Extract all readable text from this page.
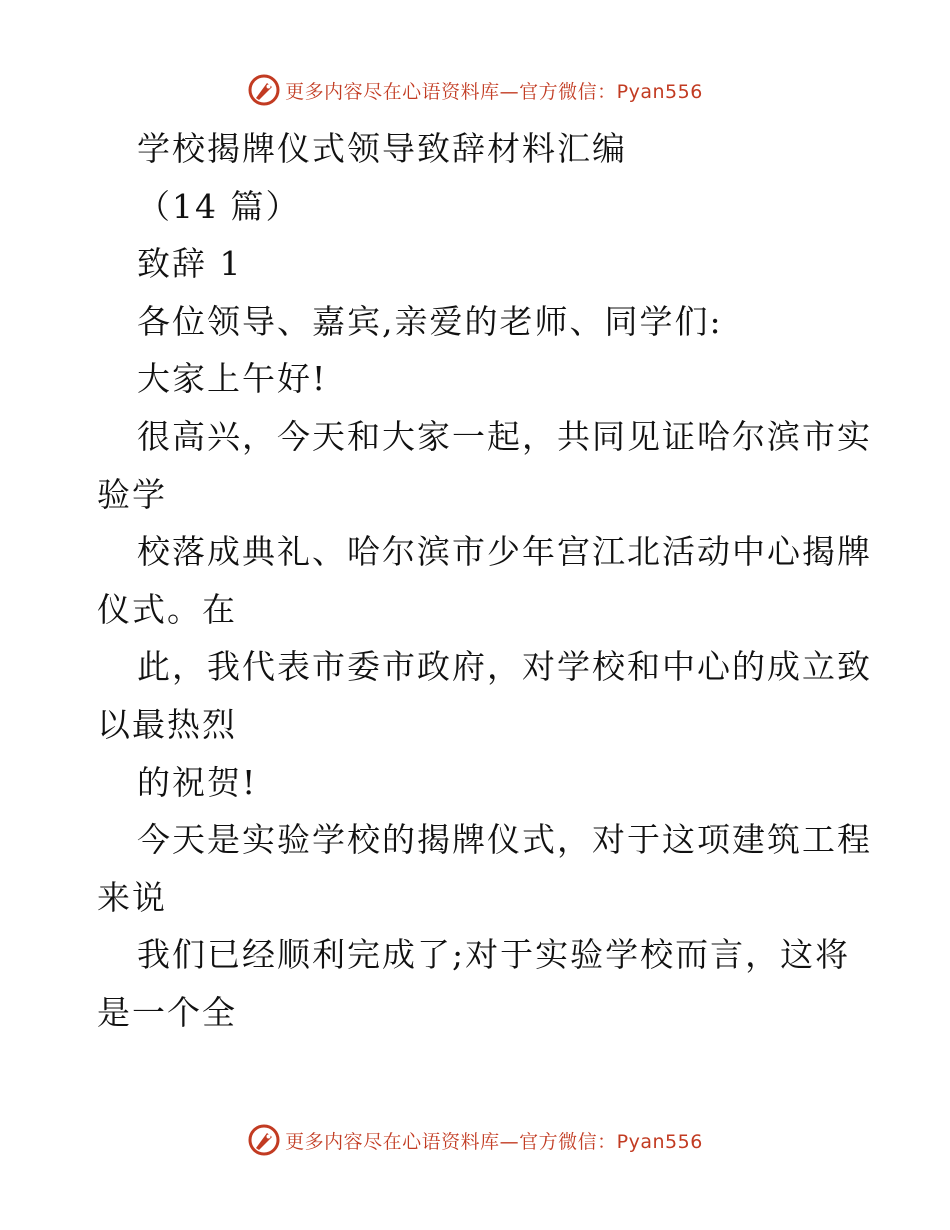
更多内容尽在心语资料库—官方微信：Pyan556

学校揭牌仪式领导致辞材料汇编

（14 篇）

致辞 1

各位领导、嘉宾,亲爱的老师、同学们:

大家上午好!

很高兴，今天和大家一起，共同见证哈尔滨市实

验学

校落成典礼、哈尔滨市少年宫江北活动中心揭牌

仪式。在

此，我代表市委市政府，对学校和中心的成立致

以最热烈

的祝贺!

今天是实验学校的揭牌仪式，对于这项建筑工程

来说

我们已经顺利完成了;对于实验学校而言，这将

是一个全

更多内容尽在心语资料库—官方微信：Pyan556
